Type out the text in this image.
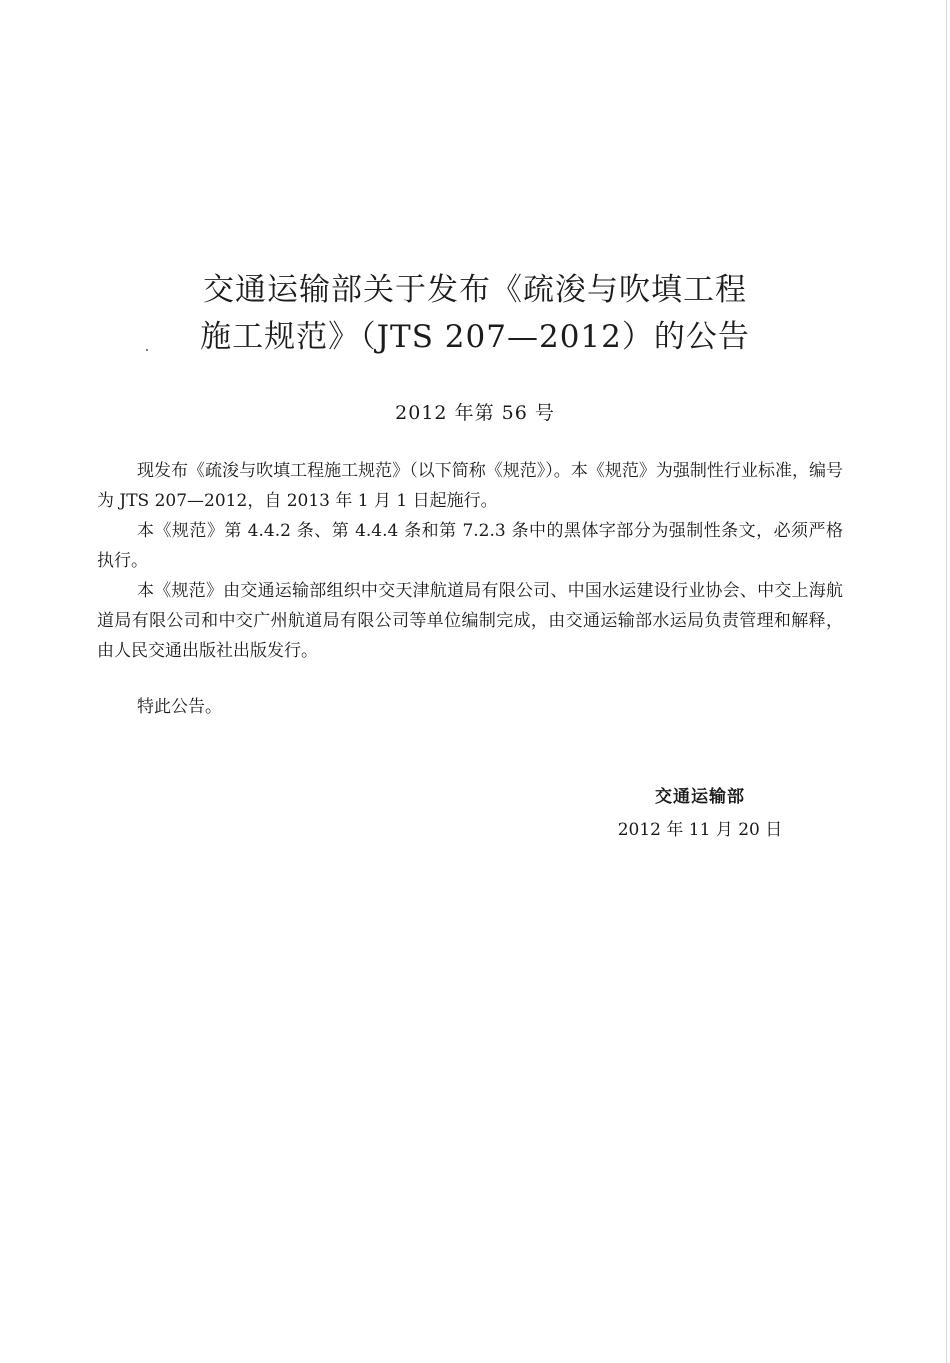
交通运输部关于发布《疏浚与吹填工程
施工规范》（JTS 207—2012）的公告
2012 年第 56 号

现发布《疏浚与吹填工程施工规范》（以下简称《规范》）。本《规范》为强制性行业标准，编号为 JTS 207—2012，自 2013 年 1 月 1 日起施行。

本《规范》第 4.4.2 条、第 4.4.4 条和第 7.2.3 条中的黑体字部分为强制性条文，必须严格执行。

本《规范》由交通运输部组织中交天津航道局有限公司、中国水运建设行业协会、中交上海航道局有限公司和中交广州航道局有限公司等单位编制完成，由交通运输部水运局负责管理和解释，由人民交通出版社出版发行。

特此公告。
交通运输部
2012 年 11 月 20 日
